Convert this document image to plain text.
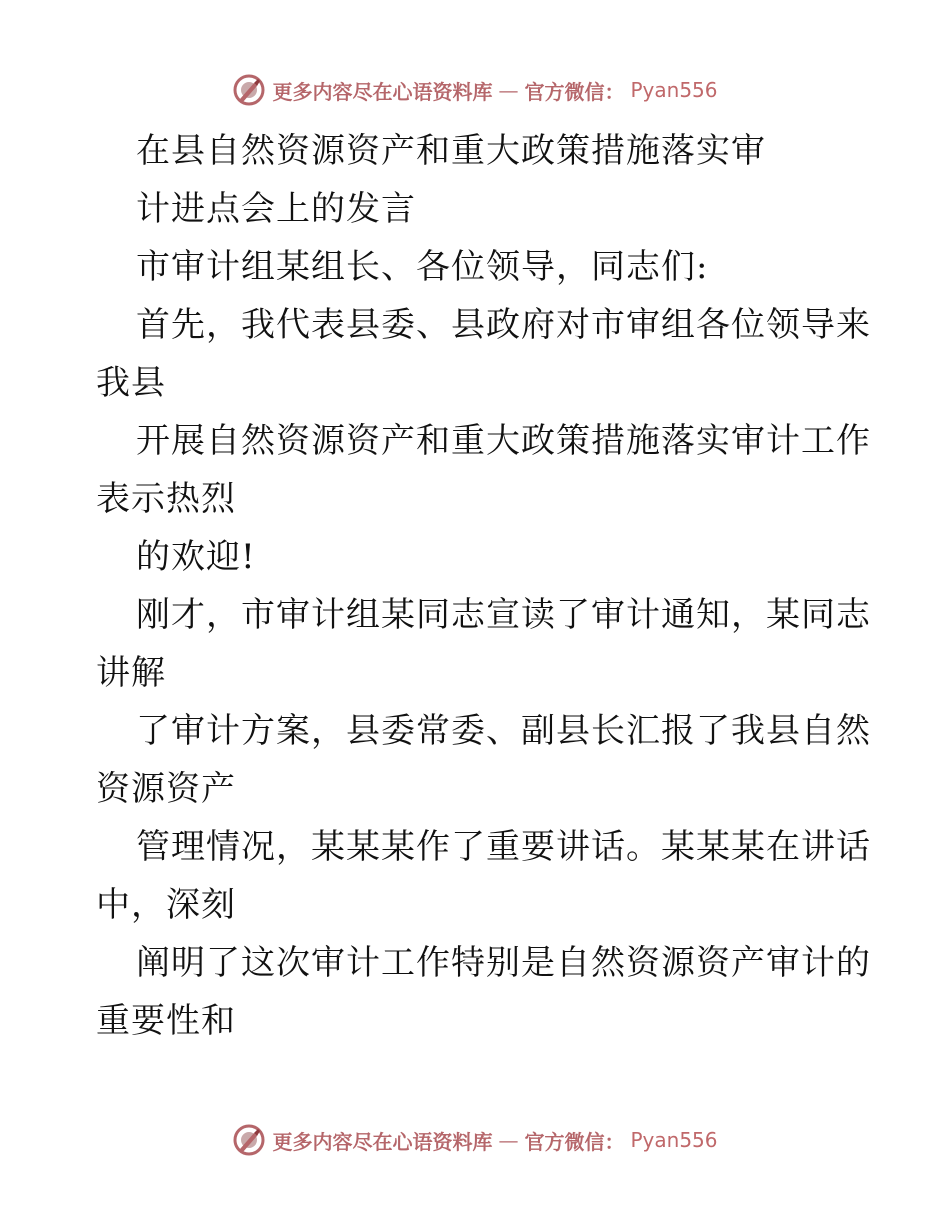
更多内容尽在心语资料库 — 官方微信： Pyan556
在县自然资源资产和重大政策措施落实审
计进点会上的发言
市审计组某组长、各位领导，同志们:
首先，我代表县委、县政府对市审组各位领导来
我县
开展自然资源资产和重大政策措施落实审计工作
表示热烈
的欢迎!
刚才，市审计组某同志宣读了审计通知，某同志
讲解
了审计方案，县委常委、副县长汇报了我县自然
资源资产
管理情况，某某某作了重要讲话。某某某在讲话
中，深刻
阐明了这次审计工作特别是自然资源资产审计的
重要性和
更多内容尽在心语资料库 — 官方微信： Pyan556
